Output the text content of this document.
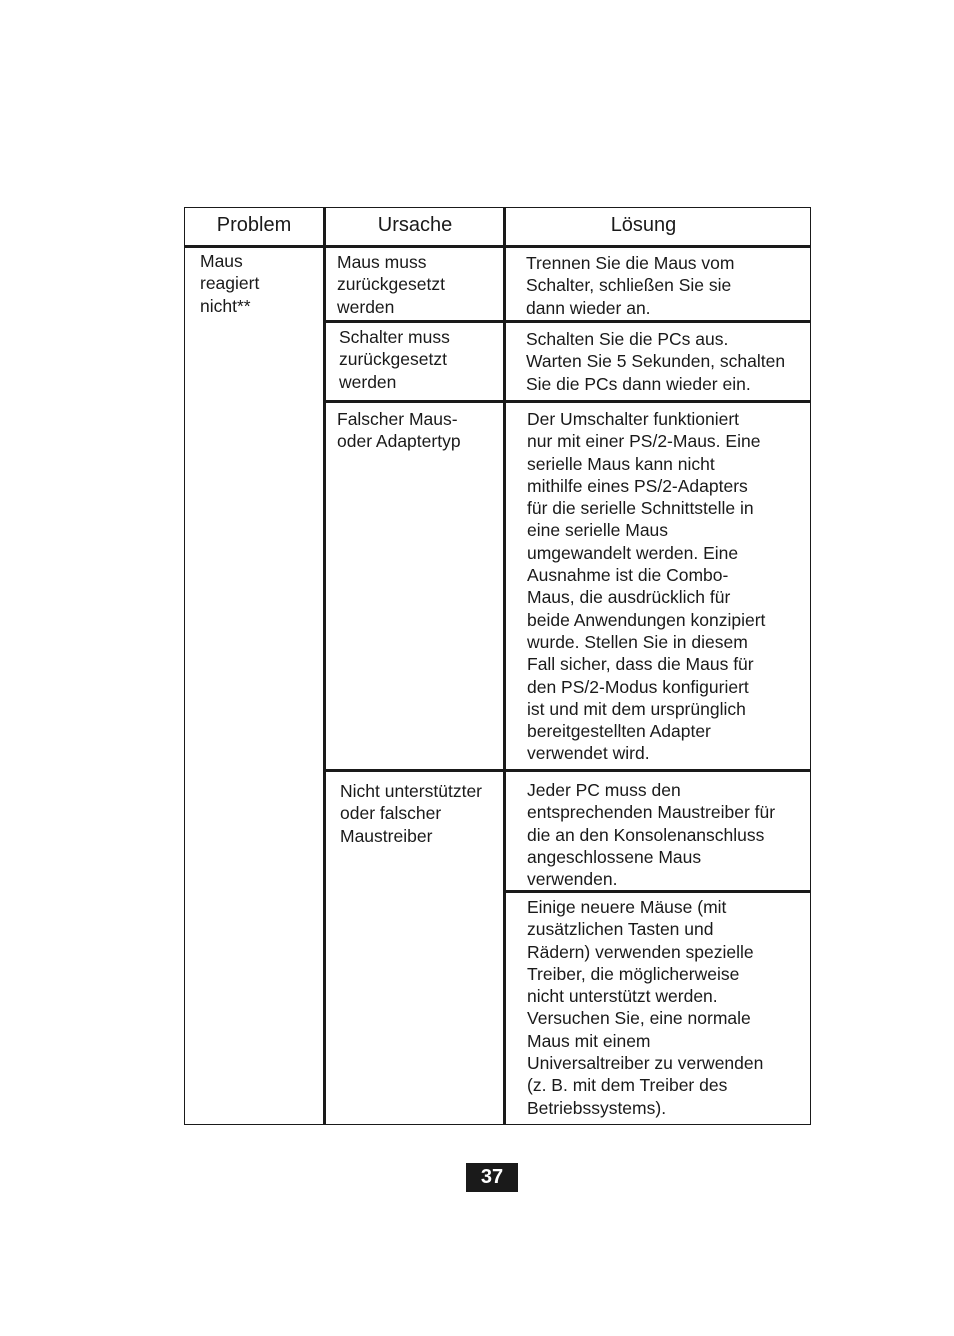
Problem	Ursache	Lösung
Maus
reagiert
nicht**
Maus muss
zurückgesetzt
werden
Schalter muss
zurückgesetzt
werden
Falscher Maus-
oder Adaptertyp
Nicht unterstützter
oder falscher
Maustreiber
Trennen Sie die Maus vom
Schalter, schließen Sie sie
dann wieder an.
Schalten Sie die PCs aus.
Warten Sie 5 Sekunden, schalten
Sie die PCs dann wieder ein.
Der Umschalter funktioniert
nur mit einer PS/2-Maus. Eine
serielle Maus kann nicht
mithilfe eines PS/2-Adapters
für die serielle Schnittstelle in
eine serielle Maus
umgewandelt werden. Eine
Ausnahme ist die Combo-
Maus, die ausdrücklich für
beide Anwendungen konzipiert
wurde. Stellen Sie in diesem
Fall sicher, dass die Maus für
den PS/2-Modus konfiguriert
ist und mit dem ursprünglich
bereitgestellten Adapter
verwendet wird.
Jeder PC muss den
entsprechenden Maustreiber für
die an den Konsolenanschluss
angeschlossene Maus
verwenden.
Einige neuere Mäuse (mit
zusätzlichen Tasten und
Rädern) verwenden spezielle
Treiber, die möglicherweise
nicht unterstützt werden.
Versuchen Sie, eine normale
Maus mit einem
Universaltreiber zu verwenden
(z. B. mit dem Treiber des
Betriebssystems).
37
